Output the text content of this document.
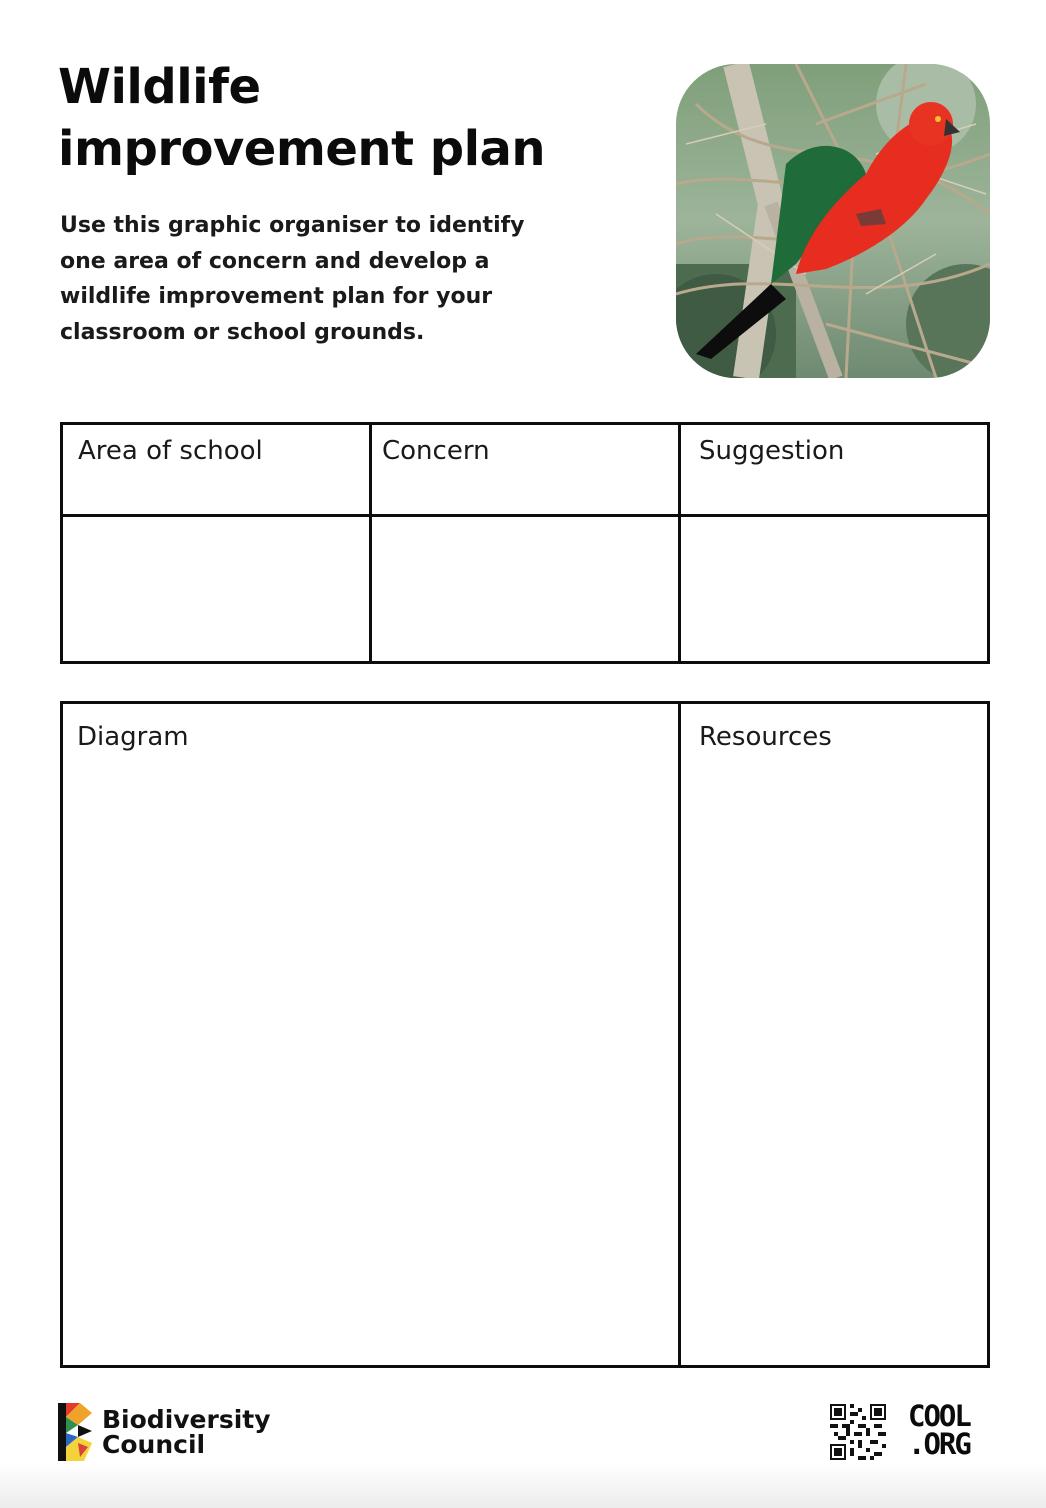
Wildlife
improvement plan

Use this graphic organiser to identify
one area of concern and develop a
wildlife improvement plan for your
classroom or school grounds.

Area of school	Concern	Suggestion
Diagram	Resources
Biodiversity
Council
COOL
.ORG
